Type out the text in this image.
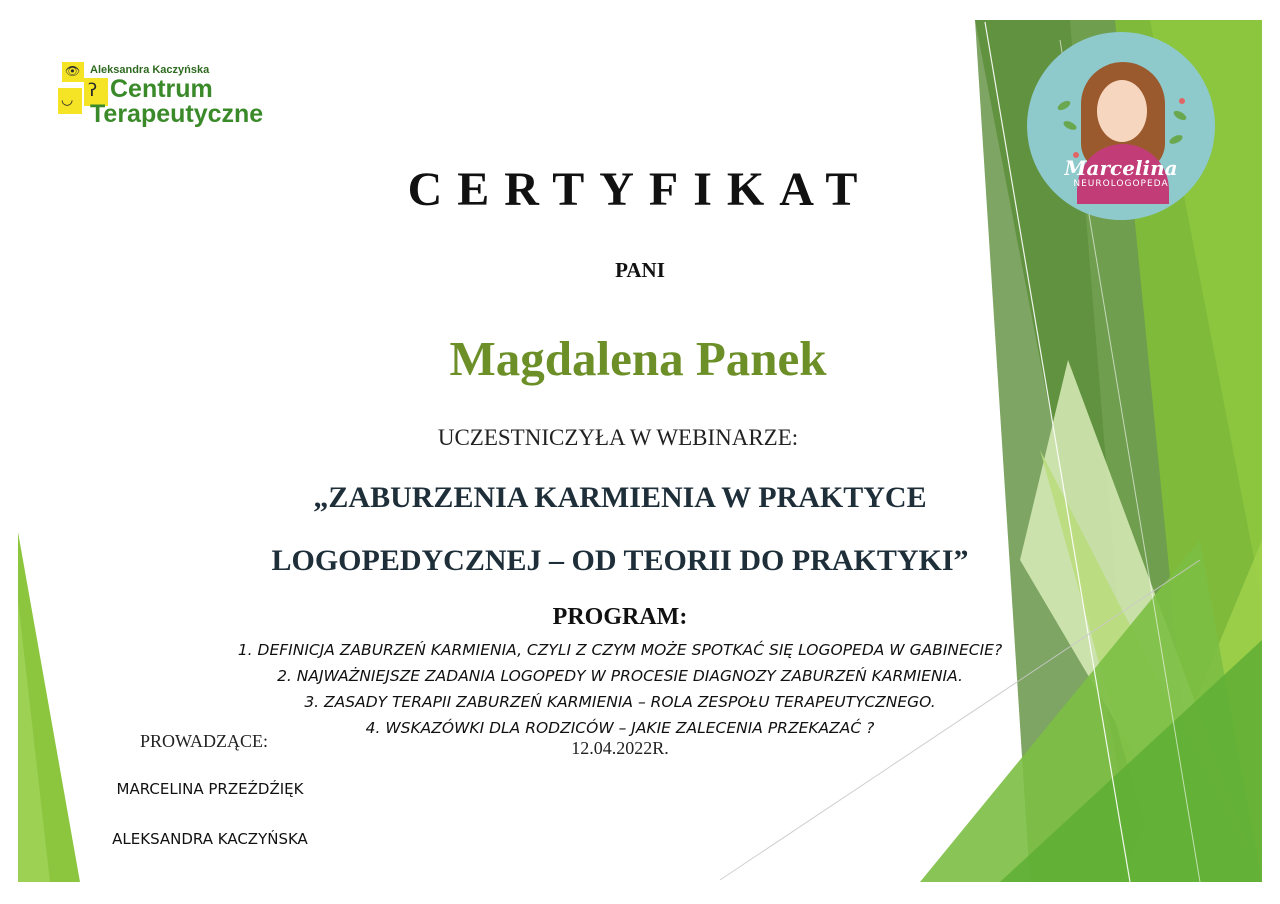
👁
ʔ
◡
Aleksandra Kaczyńska
Centrum
Terapeutyczne
Marcelina
NEUROLOGOPEDA
CERTYFIKAT
PANI
Magdalena Panek
UCZESTNICZYŁA W WEBINARZE:
„ZABURZENIA KARMIENIA W PRAKTYCE
LOGOPEDYCZNEJ – OD TEORII DO PRAKTYKI”
PROGRAM:
1. DEFINICJA ZABURZEŃ KARMIENIA, CZYLI Z CZYM MOŻE SPOTKAĆ SIĘ LOGOPEDA W GABINECIE?
2. NAJWAŻNIEJSZE ZADANIA LOGOPEDY W PROCESIE DIAGNOZY ZABURZEŃ KARMIENIA.
3. ZASADY TERAPII ZABURZEŃ KARMIENIA – ROLA ZESPOŁU TERAPEUTYCZNEGO.
4. WSKAZÓWKI DLA RODZICÓW – JAKIE ZALECENIA PRZEKAZAĆ ?
PROWADZĄCE:	12.04.2022R.
MARCELINA PRZEŹDŹIĘK
ALEKSANDRA KACZYŃSKA
